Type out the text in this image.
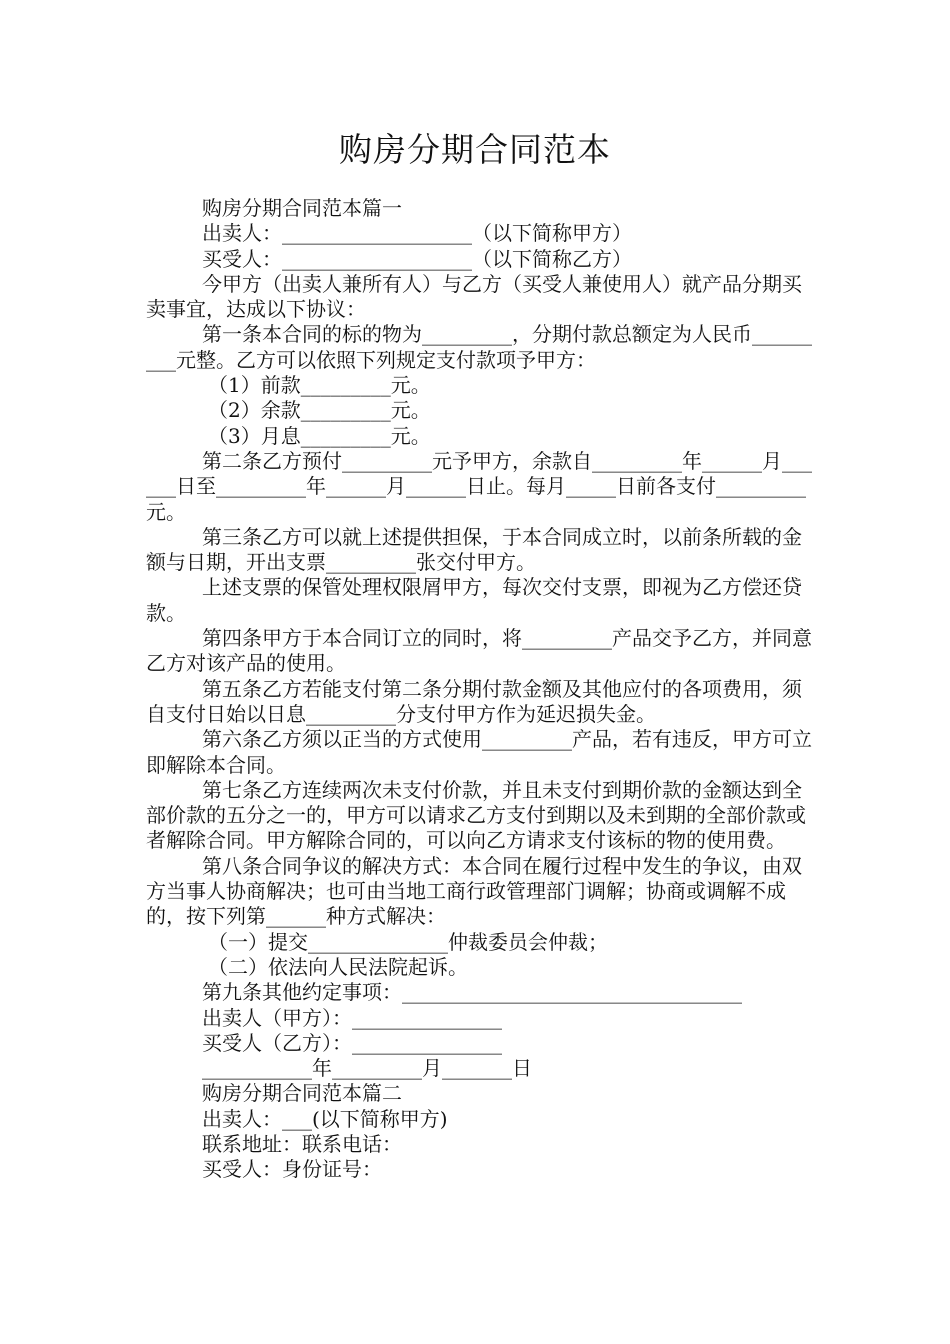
购房分期合同范本

购房分期合同范本篇一

出卖人：___________________（以下简称甲方）

买受人：___________________（以下简称乙方）

今甲方（出卖人兼所有人）与乙方（买受人兼使用人）就产品分期买卖事宜，达成以下协议：

第一条本合同的标的物为_________，分期付款总额定为人民币_________元整。乙方可以依照下列规定支付款项予甲方：

（1）前款_________元。

（2）余款_________元。

（3）月息_________元。

第二条乙方预付_________元予甲方，余款自_________年______月______日至_________年______月______日止。每月_____日前各支付_________元。

第三条乙方可以就上述提供担保，于本合同成立时，以前条所载的金额与日期，开出支票_________张交付甲方。

上述支票的保管处理权限屑甲方，每次交付支票，即视为乙方偿还贷款。

第四条甲方于本合同订立的同时，将_________产品交予乙方，并同意乙方对该产品的使用。

第五条乙方若能支付第二条分期付款金额及其他应付的各项费用，须自支付日始以日息_________分支付甲方作为延迟损失金。

第六条乙方须以正当的方式使用_________产品，若有违反，甲方可立即解除本合同。

第七条乙方连续两次未支付价款，并且未支付到期价款的金额达到全部价款的五分之一的，甲方可以请求乙方支付到期以及未到期的全部价款或者解除合同。甲方解除合同的，可以向乙方请求支付该标的物的使用费。

第八条合同争议的解决方式：本合同在履行过程中发生的争议，由双方当事人协商解决；也可由当地工商行政管理部门调解；协商或调解不成的，按下列第______种方式解决：

（一）提交______________仲裁委员会仲裁；

（二）依法向人民法院起诉。

第九条其他约定事项：__________________________________

出卖人（甲方）：_______________

买受人（乙方）：_______________

___________年_________月_______日

购房分期合同范本篇二

出卖人：___(以下简称甲方)

联系地址：联系电话：

买受人：身份证号：
